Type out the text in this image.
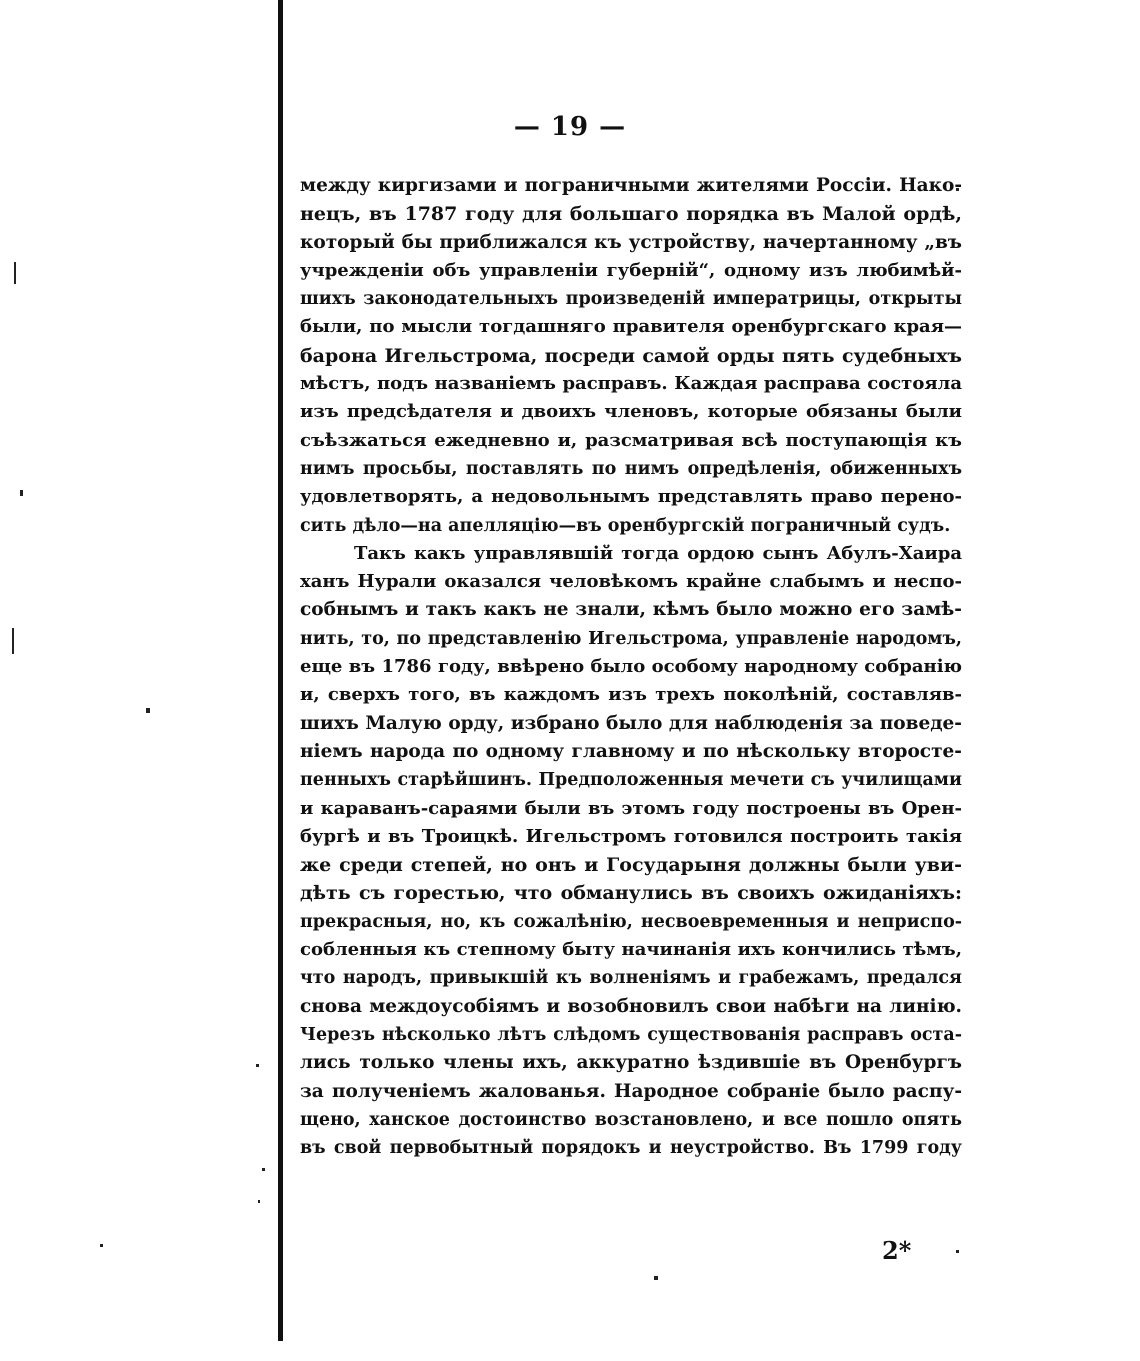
— 19 —
между киргизами и пограничными жителями Россіи. Нако-
нецъ, въ 1787 году для большаго порядка въ Малой ордѣ,
который бы приближался къ устройству, начертанному „въ
учрежденіи объ управленіи губерній“, одному изъ любимѣй-
шихъ законодательныхъ произведеній императрицы, открыты
были, по мысли тогдашняго правителя оренбургскаго края—
барона Игельстрома, посреди самой орды пять судебныхъ
мѣстъ, подъ названіемъ расправъ. Каждая расправа состояла
изъ предсѣдателя и двоихъ членовъ, которые обязаны были
съѣзжаться ежедневно и, разсматривая всѣ поступающія къ
нимъ просьбы, поставлять по нимъ опредѣленія, обиженныхъ
удовлетворять, а недовольнымъ представлять право перено-
сить дѣло—на апелляцію—въ оренбургскій пограничный судъ.
Такъ какъ управлявшій тогда ордою сынъ Абулъ-Хаира
ханъ Нурали оказался человѣкомъ крайне слабымъ и неспо-
собнымъ и такъ какъ не знали, кѣмъ было можно его замѣ-
нить, то, по представленію Игельстрома, управленіе народомъ,
еще въ 1786 году, ввѣрено было особому народному собранію
и, сверхъ того, въ каждомъ изъ трехъ поколѣній, составляв-
шихъ Малую орду, избрано было для наблюденія за поведе-
ніемъ народа по одному главному и по нѣскольку второсте-
пенныхъ старѣйшинъ. Предположенныя мечети съ училищами
и караванъ-сараями были въ этомъ году построены въ Орен-
бургѣ и въ Троицкѣ. Игельстромъ готовился построить такія
же среди степей, но онъ и Государыня должны были уви-
дѣть съ горестью, что обманулись въ своихъ ожиданіяхъ:
прекрасныя, но, къ сожалѣнію, несвоевременныя и неприспо-
собленныя къ степному быту начинанія ихъ кончились тѣмъ,
что народъ, привыкшій къ волненіямъ и грабежамъ, предался
снова междоусобіямъ и возобновилъ свои набѣги на линію.
Черезъ нѣсколько лѣтъ слѣдомъ существованія расправъ оста-
лись только члены ихъ, аккуратно ѣздившіе въ Оренбургъ
за полученіемъ жалованья. Народное собраніе было распу-
щено, ханское достоинство возстановлено, и все пошло опять
въ свой первобытный порядокъ и неустройство. Въ 1799 году
2*
